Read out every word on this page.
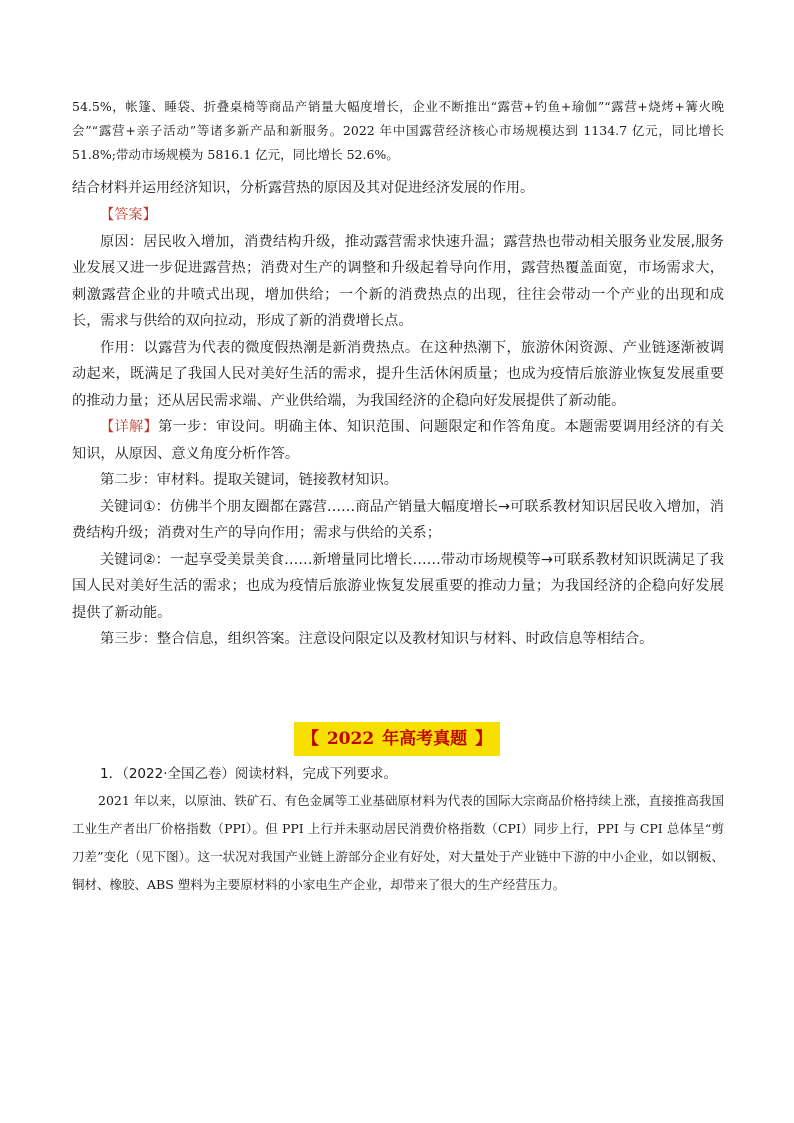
54.5%，帐篷、睡袋、折叠桌椅等商品产销量大幅度增长，企业不断推出“露营+钓鱼+瑜伽”“露营+烧烤+篝火晚会”“露营+亲子活动”等诸多新产品和新服务。2022 年中国露营经济核心市场规模达到 1134.7 亿元，同比增长 51.8%;带动市场规模为 5816.1 亿元，同比增长 52.6%。

结合材料并运用经济知识，分析露营热的原因及其对促进经济发展的作用。

【答案】

原因：居民收入增加，消费结构升级，推动露营需求快速升温；露营热也带动相关服务业发展,服务业发展又进一步促进露营热；消费对生产的调整和升级起着导向作用，露营热覆盖面宽，市场需求大，刺激露营企业的井喷式出现，增加供给；一个新的消费热点的出现，往往会带动一个产业的出现和成长，需求与供给的双向拉动，形成了新的消费增长点。

作用：以露营为代表的微度假热潮是新消费热点。在这种热潮下，旅游休闲资源、产业链逐渐被调动起来，既满足了我国人民对美好生活的需求，提升生活休闲质量；也成为疫情后旅游业恢复发展重要的推动力量；还从居民需求端、产业供给端，为我国经济的企稳向好发展提供了新动能。

【详解】第一步：审设问。明确主体、知识范围、问题限定和作答角度。本题需要调用经济的有关知识，从原因、意义角度分析作答。

第二步：审材料。提取关键词，链接教材知识。

关键词①：仿佛半个朋友圈都在露营……商品产销量大幅度增长→可联系教材知识居民收入增加，消费结构升级；消费对生产的导向作用；需求与供给的关系；

关键词②：一起享受美景美食……新增量同比增长……带动市场规模等→可联系教材知识既满足了我国人民对美好生活的需求；也成为疫情后旅游业恢复发展重要的推动力量；为我国经济的企稳向好发展提供了新动能。

第三步：整合信息，组织答案。注意设问限定以及教材知识与材料、时政信息等相结合。

【 2022 年高考真题 】
1．（2022·全国乙卷）阅读材料，完成下列要求。

2021 年以来，以原油、铁矿石、有色金属等工业基础原材料为代表的国际大宗商品价格持续上涨，直接推高我国工业生产者出厂价格指数（PPI）。但 PPI 上行并未驱动居民消费价格指数（CPI）同步上行，PPI 与 CPI 总体呈“剪刀差”变化（见下图）。这一状况对我国产业链上游部分企业有好处，对大量处于产业链中下游的中小企业，如以钢板、铜材、橡胶、ABS 塑料为主要原材料的小家电生产企业，却带来了很大的生产经营压力。
